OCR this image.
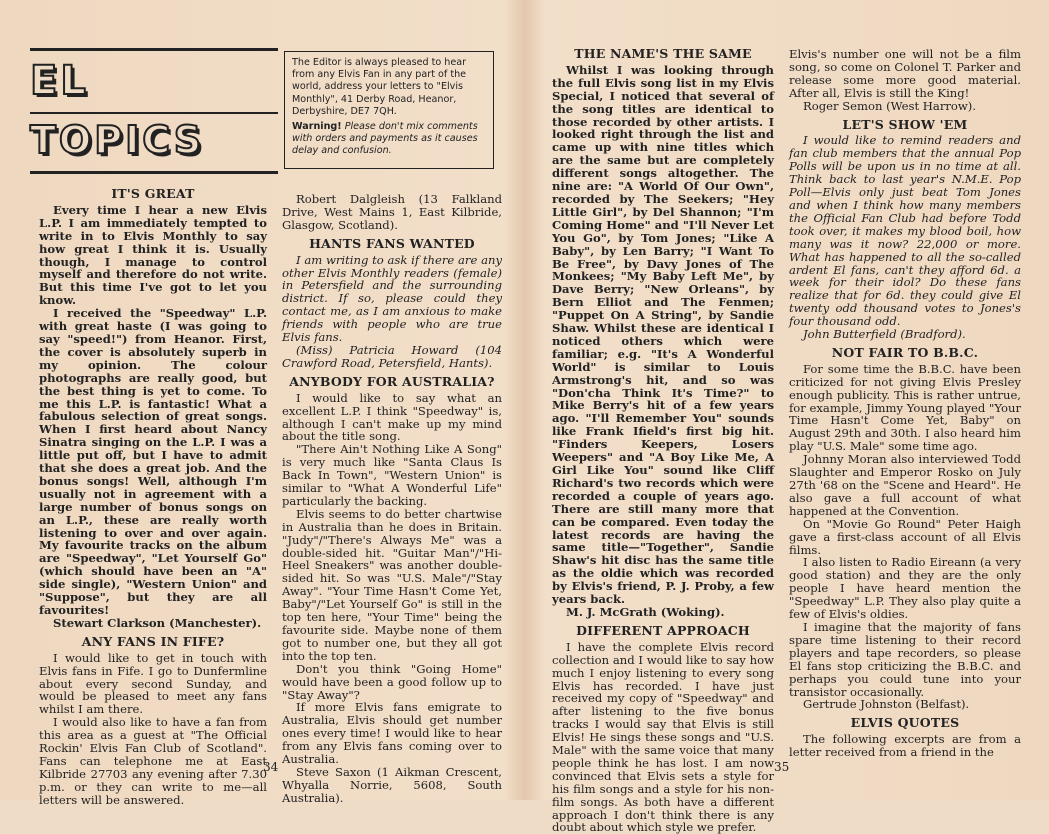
EL
TOPICS
The Editor is always pleased to hear from any Elvis Fan in any part of the world, address your letters to "Elvis Monthly", 41 Derby Road, Heanor, Derbyshire, DE7 7QH.
Warning! Please don't mix comments with orders and payments as it causes delay and confusion.
IT'S GREAT

Every time I hear a new Elvis L.P. I am immediately tempted to write in to Elvis Monthly to say how great I think it is. Usually though, I manage to control myself and therefore do not write. But this time I've got to let you know.

I received the "Speedway" L.P. with great haste (I was going to say "speed!") from Heanor. First, the cover is absolutely superb in my opinion. The colour photographs are really good, but the best thing is yet to come. To me this L.P. is fantastic! What a fabulous selection of great songs. When I first heard about Nancy Sinatra singing on the L.P. I was a little put off, but I have to admit that she does a great job. And the bonus songs! Well, although I'm usually not in agreement with a large number of bonus songs on an L.P., these are really worth listening to over and over again. My favourite tracks on the album are "Speedway", "Let Yourself Go" (which should have been an "A" side single), "Western Union" and "Suppose", but they are all favourites!

Stewart Clarkson (Manchester).

ANY FANS IN FIFE?

I would like to get in touch with Elvis fans in Fife. I go to Dunfermline about every second Sunday, and would be pleased to meet any fans whilst I am there.

I would also like to have a fan from this area as a guest at "The Official Rockin' Elvis Fan Club of Scotland". Fans can telephone me at East Kilbride 27703 any evening after 7.30 p.m. or they can write to me—all letters will be answered.

Robert Dalgleish (13 Falkland Drive, West Mains 1, East Kilbride, Glasgow, Scotland).

HANTS FANS WANTED

I am writing to ask if there are any other Elvis Monthly readers (female) in Petersfield and the surrounding district. If so, please could they contact me, as I am anxious to make friends with people who are true Elvis fans.

(Miss) Patricia Howard (104 Crawford Road, Petersfield, Hants).

ANYBODY FOR AUSTRALIA?

I would like to say what an excellent L.P. I think "Speedway" is, although I can't make up my mind about the title song.

"There Ain't Nothing Like A Song" is very much like "Santa Claus Is Back In Town", "Western Union" is similar to "What A Wonderful Life" particularly the backing.

Elvis seems to do better chartwise in Australia than he does in Britain. "Judy"/"There's Always Me" was a double-sided hit. "Guitar Man"/"Hi-Heel Sneakers" was another double-sided hit. So was "U.S. Male"/"Stay Away". "Your Time Hasn't Come Yet, Baby"/"Let Yourself Go" is still in the top ten here, "Your Time" being the favourite side. Maybe none of them got to number one, but they all got into the top ten.

Don't you think "Going Home" would have been a good follow up to "Stay Away"?

If more Elvis fans emigrate to Australia, Elvis should get number ones every time! I would like to hear from any Elvis fans coming over to Australia.

Steve Saxon (1 Aikman Crescent, Whyalla Norrie, 5608, South Australia).

34
THE NAME'S THE SAME

Whilst I was looking through the full Elvis song list in my Elvis Special, I noticed that several of the song titles are identical to those recorded by other artists. I looked right through the list and came up with nine titles which are the same but are completely different songs altogether. The nine are: "A World Of Our Own", recorded by The Seekers; "Hey Little Girl", by Del Shannon; "I'm Coming Home" and "I'll Never Let You Go", by Tom Jones; "Like A Baby", by Len Barry; "I Want To Be Free", by Davy Jones of The Monkees; "My Baby Left Me", by Dave Berry; "New Orleans", by Bern Elliot and The Fenmen; "Puppet On A String", by Sandie Shaw. Whilst these are identical I noticed others which were familiar; e.g. "It's A Wonderful World" is similar to Louis Armstrong's hit, and so was "Don'cha Think It's Time?" to Mike Berry's hit of a few years ago. "I'll Remember You" sounds like Frank Ifield's first big hit. "Finders Keepers, Losers Weepers" and "A Boy Like Me, A Girl Like You" sound like Cliff Richard's two records which were recorded a couple of years ago. There are still many more that can be compared. Even today the latest records are having the same title—"Together", Sandie Shaw's hit disc has the same title as the oldie which was recorded by Elvis's friend, P. J. Proby, a few years back.

M. J. McGrath (Woking).

DIFFERENT APPROACH

I have the complete Elvis record collection and I would like to say how much I enjoy listening to every song Elvis has recorded. I have just received my copy of "Speedway" and after listening to the five bonus tracks I would say that Elvis is still Elvis! He sings these songs and "U.S. Male" with the same voice that many people think he has lost. I am now convinced that Elvis sets a style for his film songs and a style for his non-film songs. As both have a different approach I don't think there is any doubt about which style we prefer.

Elvis's number one will not be a film song, so come on Colonel T. Parker and release some more good material. After all, Elvis is still the King!

Roger Semon (West Harrow).

LET'S SHOW 'EM

I would like to remind readers and fan club members that the annual Pop Polls will be upon us in no time at all. Think back to last year's N.M.E. Pop Poll—Elvis only just beat Tom Jones and when I think how many members the Official Fan Club had before Todd took over, it makes my blood boil, how many was it now? 22,000 or more. What has happened to all the so-called ardent El fans, can't they afford 6d. a week for their idol? Do these fans realize that for 6d. they could give El twenty odd thousand votes to Jones's four thousand odd.

John Butterfield (Bradford).

NOT FAIR TO B.B.C.

For some time the B.B.C. have been criticized for not giving Elvis Presley enough publicity. This is rather untrue, for example, Jimmy Young played "Your Time Hasn't Come Yet, Baby" on August 29th and 30th. I also heard him play "U.S. Male" some time ago.

Johnny Moran also interviewed Todd Slaughter and Emperor Rosko on July 27th '68 on the "Scene and Heard". He also gave a full account of what happened at the Convention.

On "Movie Go Round" Peter Haigh gave a first-class account of all Elvis films.

I also listen to Radio Eireann (a very good station) and they are the only people I have heard mention the "Speedway" L.P. They also play quite a few of Elvis's oldies.

I imagine that the majority of fans spare time listening to their record players and tape recorders, so please El fans stop criticizing the B.B.C. and perhaps you could tune into your transistor occasionally.

Gertrude Johnston (Belfast).

ELVIS QUOTES

The following excerpts are from a letter received from a friend in the

35
